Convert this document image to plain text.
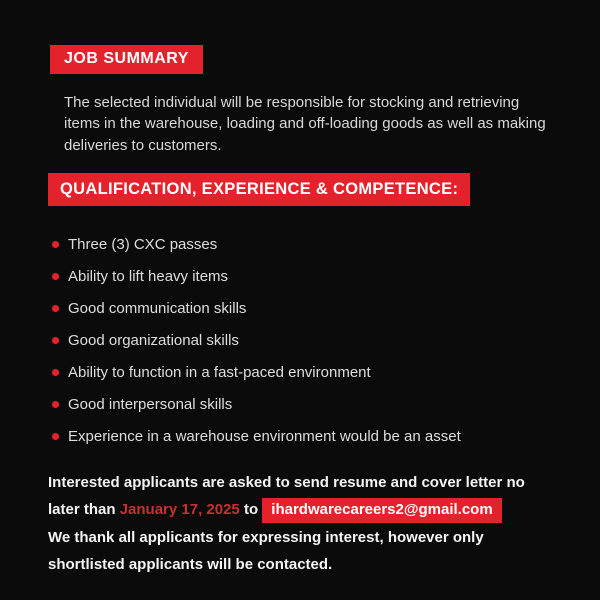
JOB SUMMARY

The selected individual will be responsible for stocking and retrieving items in the warehouse, loading and off-loading goods as well as making deliveries to customers.

QUALIFICATION, EXPERIENCE & COMPETENCE:
Three (3) CXC passes
Ability to lift heavy items
Good communication skills
Good organizational skills
Ability to function in a fast-paced environment
Good interpersonal skills
Experience in a warehouse environment would be an asset

Interested applicants are asked to send resume and cover letter no later than January 17, 2025 to ihardwarecareers2@gmail.com

We thank all applicants for expressing interest, however only shortlisted applicants will be contacted.
